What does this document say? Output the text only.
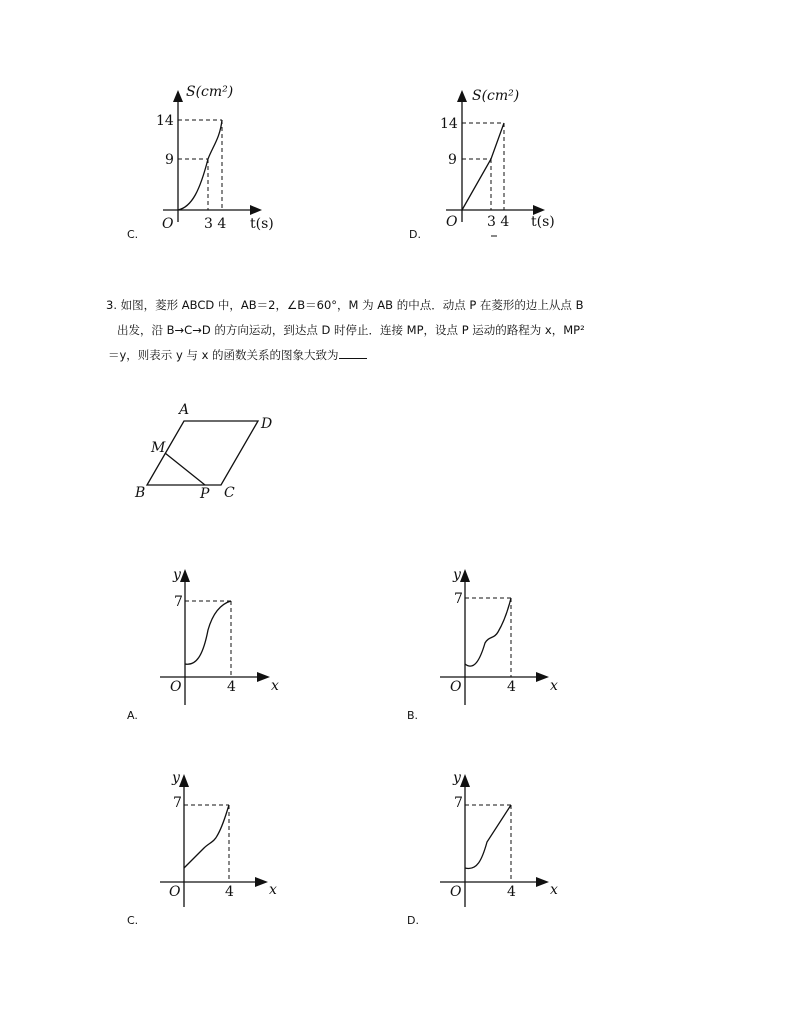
S(cm²)
14
9
O 3 4 t(s)
C.
S(cm²)
14
9
O 3 4 t(s)
D.
3. 如图，菱形 ABCD 中，AB＝2，∠B＝60°，M 为 AB 的中点．动点 P 在菱形的边上从点 B
出发，沿 B→C→D 的方向运动，到达点 D 时停止．连接 MP，设点 P 运动的路程为 x，MP²
＝y，则表示 y 与 x 的函数关系的图象大致为
A
D
M
B	P C
y
7
O	4	x
A.
y
7
O	4 x
B.
y
7
O	4	x
C.
y
7
O	4 x
D.
